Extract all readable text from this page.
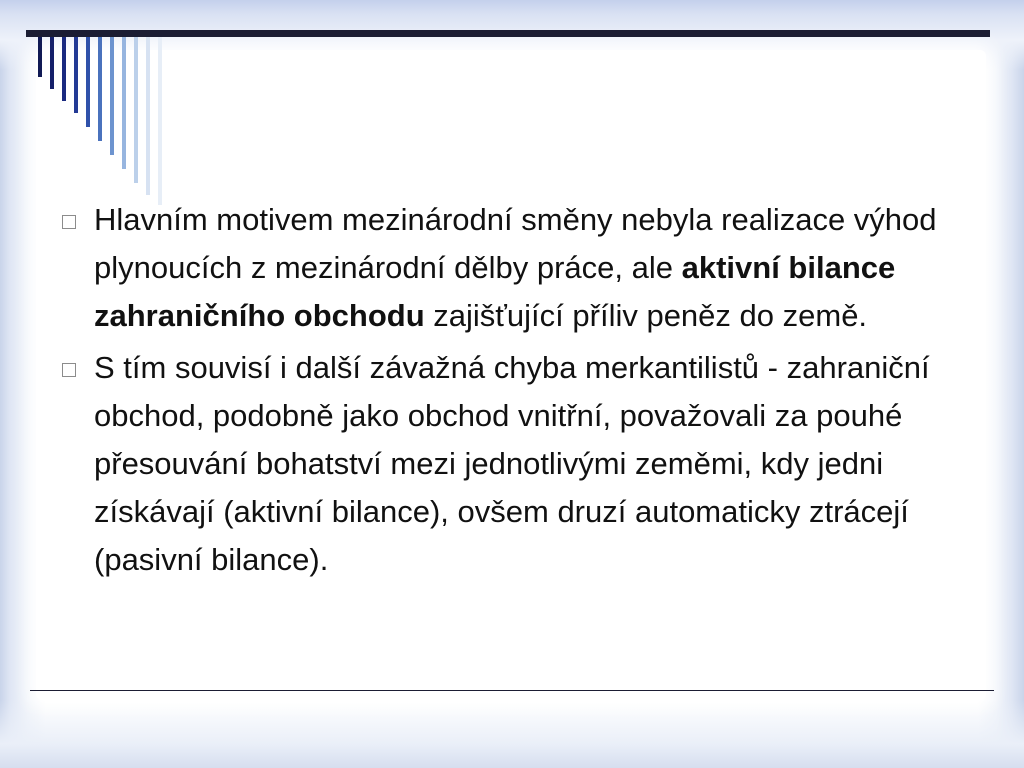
Hlavním motivem mezinárodní směny nebyla realizace výhod plynoucích z mezinárodní dělby práce, ale aktivní bilance zahraničního obchodu zajišťující příliv peněz do země.
S tím souvisí i další závažná chyba merkantilistů - zahraniční obchod, podobně jako obchod vnitřní, považovali za pouhé přesouvání bohatství mezi jednotlivými zeměmi, kdy jedni získávají (aktivní bilance), ovšem druzí automaticky ztrácejí (pasivní bilance).
